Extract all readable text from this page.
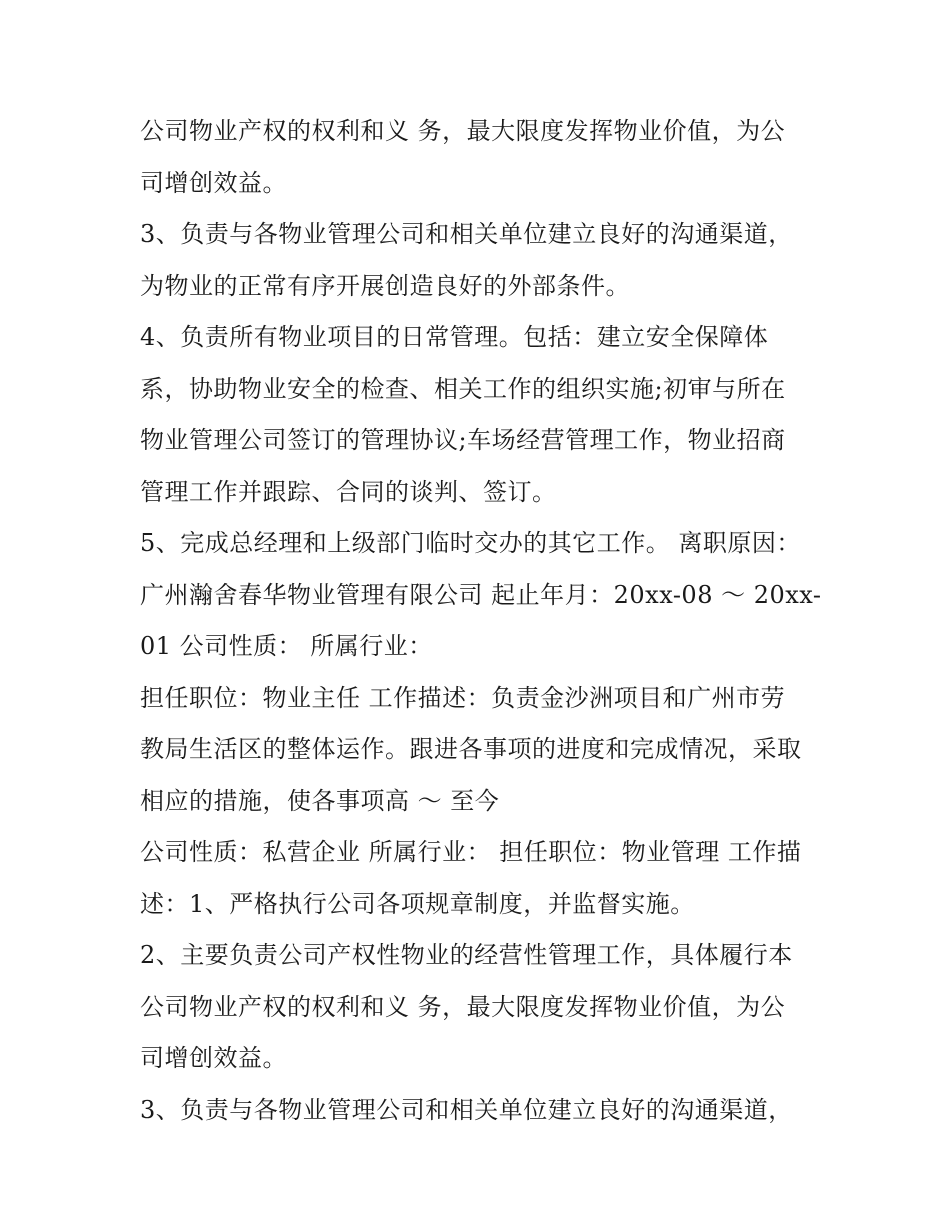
公司物业产权的权利和义 务，最大限度发挥物业价值，为公
司增创效益。
3、负责与各物业管理公司和相关单位建立良好的沟通渠道，
为物业的正常有序开展创造良好的外部条件。
4、负责所有物业项目的日常管理。包括：建立安全保障体
系，协助物业安全的检查、相关工作的组织实施;初审与所在
物业管理公司签订的管理协议;车场经营管理工作，物业招商
管理工作并跟踪、合同的谈判、签订。
5、完成总经理和上级部门临时交办的其它工作。 离职原因：
广州瀚舍春华物业管理有限公司 起止年月：20xx-08 ～ 20xx-
01 公司性质： 所属行业：
担任职位：物业主任 工作描述：负责金沙洲项目和广州市劳
教局生活区的整体运作。跟进各事项的进度和完成情况，采取
相应的措施，使各事项高 ～ 至今
公司性质：私营企业 所属行业： 担任职位：物业管理 工作描
述：1、严格执行公司各项规章制度，并监督实施。
2、主要负责公司产权性物业的经营性管理工作，具体履行本
公司物业产权的权利和义 务，最大限度发挥物业价值，为公
司增创效益。
3、负责与各物业管理公司和相关单位建立良好的沟通渠道，
